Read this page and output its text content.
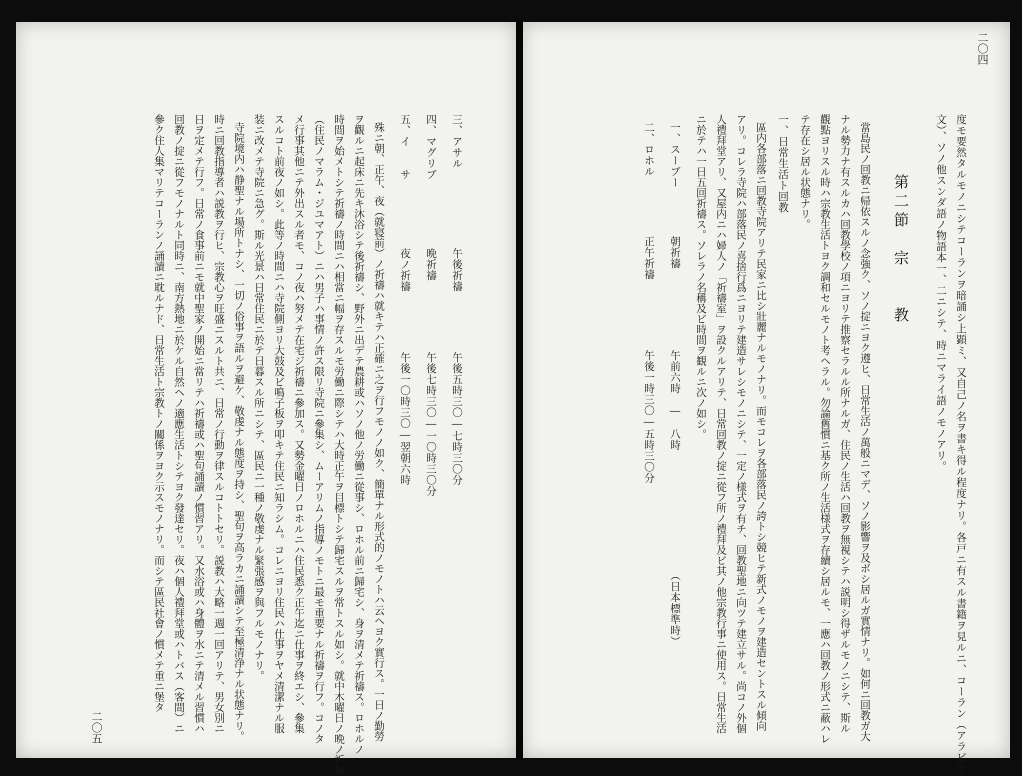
二〇四
度モ要然タルモノニシテコーランヲ暗誦シ上顕ミ、又自己ノ名ヲ書キ得ル程度ナリ。各戸ニ有スル書籍ヲ見ルニ、コーラン（アラビヤ
文）、ソノ他スンダ語ノ物語本一、二ニシテ、時ニマライ語ノモノアリ。
第二節　宗　　教
當島民ノ回教ニ帰依スルノ念強ク、ソノ掟ニヨク遵ヒ、日常生活ノ萬般ニマデ、ソノ影響ヲ及ボシ居ルガ實情ナリ。如何ニ回教ガ大
ナル勢力ナ有スルカハ回教學校ノ項ニヨリテ推察セラルル所ナルガ、住民ノ生活ハ回教ヲ無視シテハ説明シ得ザルモノニシテ、斯ル
觀點ヨリスル時ハ宗教生活トヨク調和セルモノト考ヘラル。勿論舊慣ニ基ク所ノ生活様式ヲ存續シ居ルモ、一應ハ回教ノ形式ニ蔽ハレ
テ存在シ居ル状態ナリ。
一、日常生活ト回教
區内各部落ニ回教寺院アリテ民家ニ比シ壯麗ナルモノナリ。而モコレヲ各部落民ノ誇トシ競ヒテ新式ノモノヲ建造セントスル傾向
アリ。コレラ寺院ハ部落民ノ喜捨行爲ニヨリテ建造サレシモノニシテ、一定ノ様式ヲ有チ、回教聖地ニ向ツテ建立サル。尚コノ外個
人禮拜堂アリ、又屋内ニハ婦人ノ「祈禱室」ヲ設クルアリテ、日常回教ノ掟ニ從フ所ノ禮拜及ビ其ノ他宗教行事ニ使用ス。日常生活
ニ於テハ一日五回祈禱ス。ソレラノ名稱及ビ時間ヲ観ルニ次ノ如シ。
一、スーブー
朝祈禱
午前六時　―　八時
（日本標準時）
二、ロホル
正午祈禱
午後一時三〇―五時三〇分
三、アサル
午後祈禱
午後五時三〇―七時三〇分
四、マグリブ
晩祈禱
午後七時三〇―一〇時三〇分
五、イ　　サ
夜ノ祈禱
午後一〇時三〇―翌朝六時
殊ニ朝、正午、夜（就寝前）ノ祈禱ハ就キテハ正確ニ之ヲ行フモノノ如ク、簡單ナル形式的ノモノトハ云ヘヨク實行ス。一日ノ勤勞
ヲ觀ルニ起床ニ先キ沐浴シテ後祈禱シ、野外ニ出デテ農耕或ハソノ他ノ労働ニ從事シ、ロホル前ニ歸宅シ、身ヲ清メテ祈禱ス。ロホルノ
時間ヲ始メトシテ祈禱ノ時間ニハ相當ニ幅ヲ存スルモ労働ニ際シテハ大時正午ヲ目標トシテ歸宅スルヲ常トスル如シ。就中木曜日ノ晩ノ祈禱
（住民ノマラム・ジユマアト）ニハ男子ハ事情ノ許ス限リ寺院ニ參集シ、ムーアリムノ指導ノモトニ最モ重要ナル祈禱ヲ行フ。コノタ
メ行事其他ニテ外出スル者モ、コノ夜ハ努メテ在宅ジ祈禱ニ參加ス。又勢金曜日ノロホルニハ住民悉ク正午迄ニ仕事ヲ終エシ、參集
スルコト前夜ノ如シ。此等ノ時間ニハ寺院側ヨリ大鼓及ビ鳴子板ヲ叩キテ住民ニ知ラシム。コレニヨリ住民ハ仕事ヲヤメ清潔ナル服
装ニ改メテ寺院ニ急グ。斯ル光景ハ日常住民ニ於テ日暮スル所ニシテ、區民ニ一種ノ敬虔ナル緊張感ヲ與フルモノナリ。
寺院境内ハ静聖ナル場所トナシ、一切ノ俗事ヲ語ルヲ避ケ、敬虔ナル態度ヲ持シ、聖句ヲ高ラカニ誦讀シテ至極清浄ナル状態ナリ。
時ニ回教指導者ハ説教ヲ行ヒ、宗教心ヲ旺盛ニスルト共ニ、日常ノ行動ヲ律スルコトトセリ。説教ハ大略一週一回アリテ、男女別ニ
日ヲ定メテ行フ。日常ノ食事前ニモ就中聖家ノ開始ニ當リテハ祈禱或ハ聖句誦讀ノ慣習アリ。又水浴或ハ身體ヲ水ニテ清メル習慣ハ
回教ノ掟ニ從フモノナルト同時ニ、南方熱地ニ於ケル自然ヘノ適應生活トシテヨク發達セリ。夜ハ個人禮拜堂或ハトバス（客間）ニ
參ク住人集マリテコーランノ誦讀ニ耽ルナド、日常生活ト宗教トノ關係ヲヨク示スモノナリ。而シテ區民社會ノ慣メテ重ニ堡タ
二〇五
